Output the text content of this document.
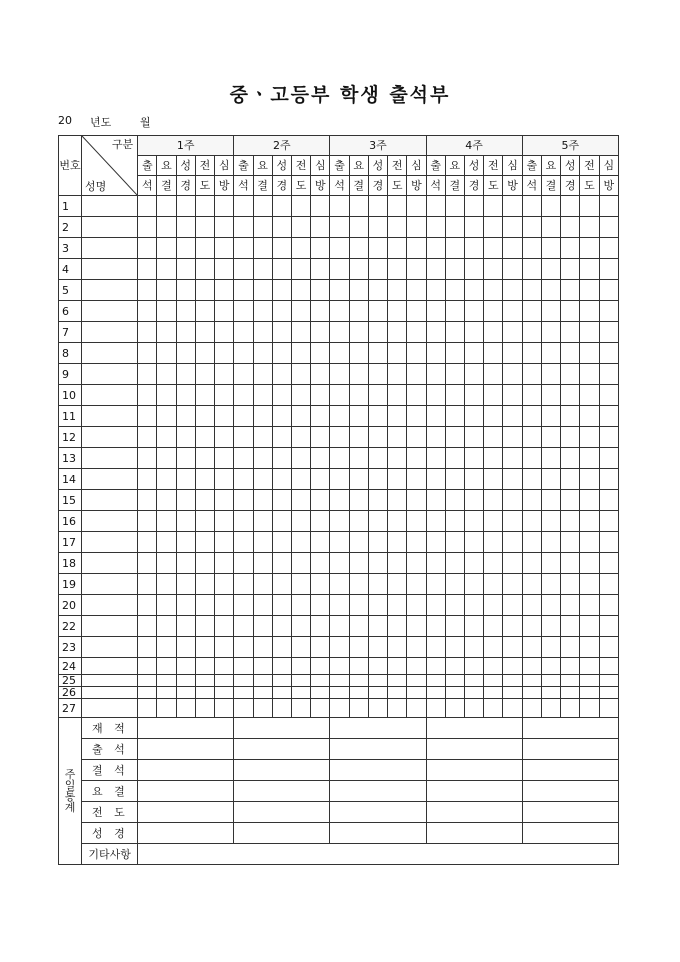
중ㆍ고등부 학생 출석부
20 년도	월
번호	구분
성명	1주					2주					3주					4주					5주				
		출	요	성	전	심	출	요	성	전	심	출	요	성	전	심	출	요	성	전	심	출	요	성	전	심
		석	결	경	도	방	석	결	경	도	방	석	결	경	도	방	석	결	경	도	방	석	결	경	도	방
1																										
2																										
3																										
4																										
5																										
6																										
7																										
8																										
9																										
10																										
11																										
12																										
13																										
14																										
15																										
16																										
17																										
18																										
19																										
20																										
22																										
23																										
24																										
25																										
26																										
27																										
주일통계	재 적																									
	출 석																									
	결 석																									
	요 결																									
	전 도																									
	성 경																									
	기타사항																									
